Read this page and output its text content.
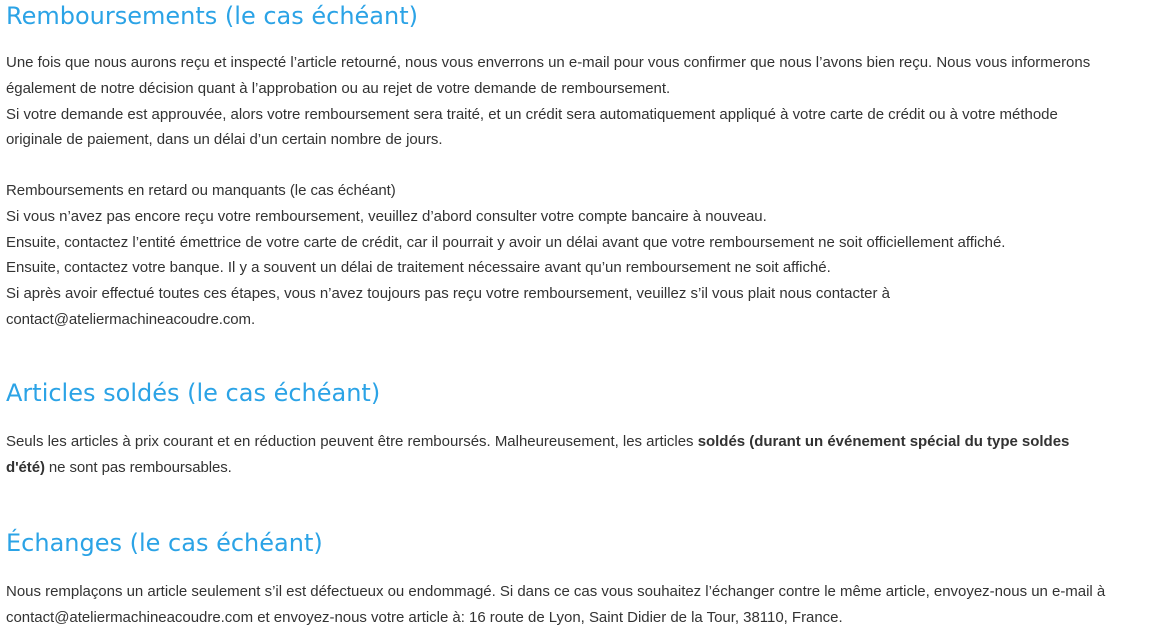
Remboursements (le cas échéant)

Une fois que nous aurons reçu et inspecté l’article retourné, nous vous enverrons un e-mail pour vous confirmer que nous l’avons bien reçu. Nous vous informerons
également de notre décision quant à l’approbation ou au rejet de votre demande de remboursement.
Si votre demande est approuvée, alors votre remboursement sera traité, et un crédit sera automatiquement appliqué à votre carte de crédit ou à votre méthode
originale de paiement, dans un délai d’un certain nombre de jours.

Remboursements en retard ou manquants (le cas échéant)
Si vous n’avez pas encore reçu votre remboursement, veuillez d’abord consulter votre compte bancaire à nouveau.
Ensuite, contactez l’entité émettrice de votre carte de crédit, car il pourrait y avoir un délai avant que votre remboursement ne soit officiellement affiché.
Ensuite, contactez votre banque. Il y a souvent un délai de traitement nécessaire avant qu’un remboursement ne soit affiché.
Si après avoir effectué toutes ces étapes, vous n’avez toujours pas reçu votre remboursement, veuillez s’il vous plait nous contacter à
contact@ateliermachineacoudre.com.

Articles soldés (le cas échéant)

Seuls les articles à prix courant et en réduction peuvent être remboursés. Malheureusement, les articles soldés (durant un événement spécial du type soldes
d'été) ne sont pas remboursables.

Échanges (le cas échéant)

Nous remplaçons un article seulement s’il est défectueux ou endommagé. Si dans ce cas vous souhaitez l’échanger contre le même article, envoyez-nous un e-mail à
contact@ateliermachineacoudre.com et envoyez-nous votre article à: 16 route de Lyon, Saint Didier de la Tour, 38110, France.
